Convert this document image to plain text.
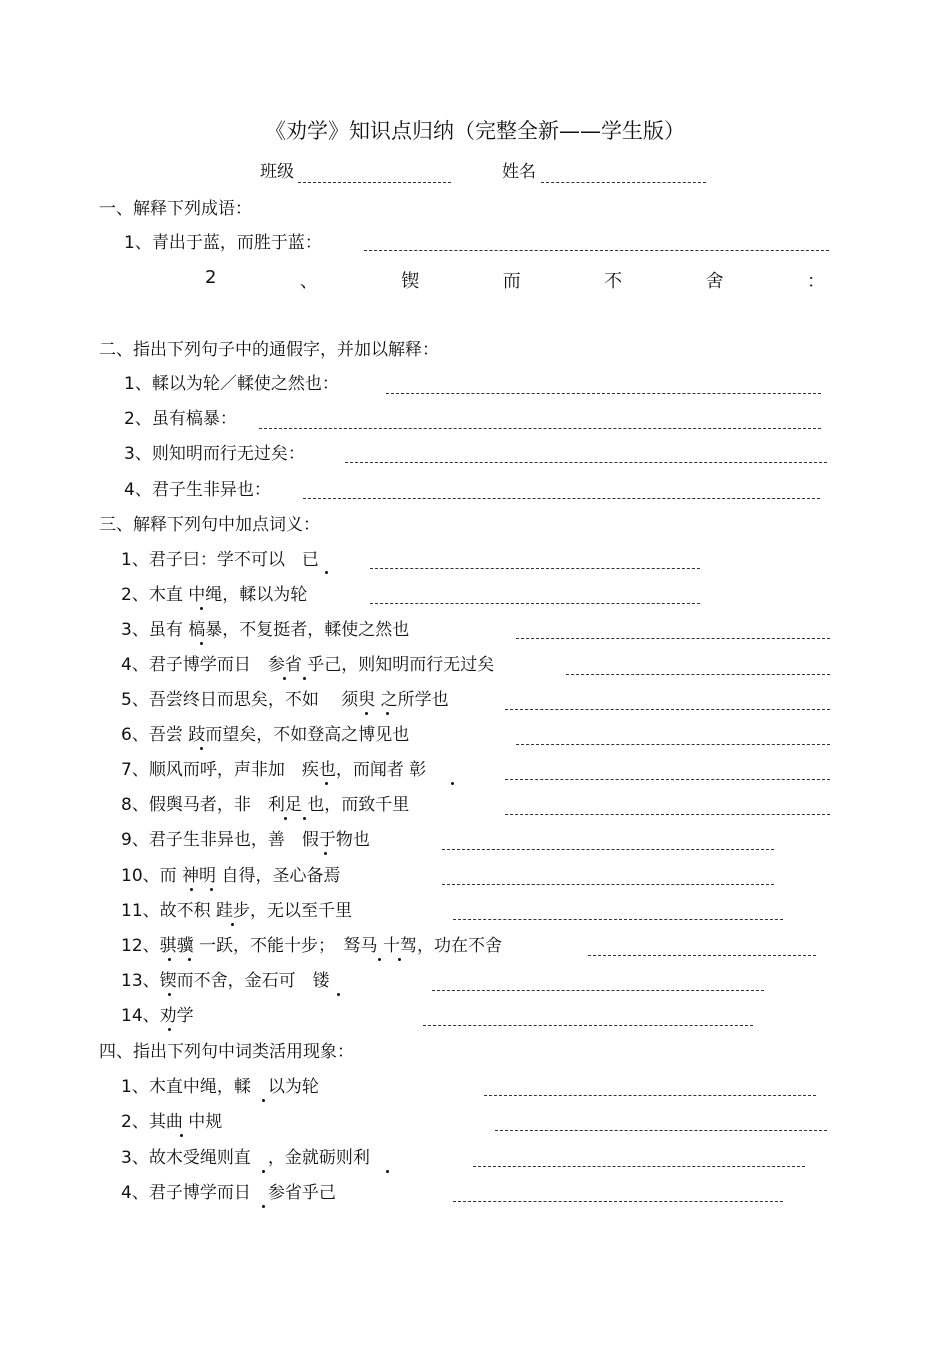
《劝学》知识点归纳（完整全新——学生版）
班级	姓名
一、解释下列成语：
1、青出于蓝，而胜于蓝：
2	、	锲	而	不	舍	：
二、指出下列句子中的通假字，并加以解释：
1、輮以为轮／輮使之然也：
2、虽有槁暴：
3、则知明而行无过矣：
4、君子生非异也：
三、解释下列句中加点词义：
1、君子曰：学不可以　已
2、木直 中绳，輮以为轮
3、虽有 槁暴，不复挺者，輮使之然也
4、君子博学而日　参省 乎己，则知明而行无过矣
5、吾尝终日而思矣，不如　 须臾 之所学也
6、吾尝 跂而望矣，不如登高之博见也
7、顺风而呼，声非加　疾也，而闻者 彰
8、假舆马者，非　利足 也，而致千里
9、君子生非异也，善　假于物也
10、而 神明 自得，圣心备焉
11、故不积 跬步，无以至千里
12、骐骥 一跃，不能十步；　驽马 十驾，功在不舍
13、锲而不舍，金石可　镂
14、劝学
四、指出下列句中词类活用现象：
1、木直中绳，輮　以为轮
2、其曲 中规
3、故木受绳则直　，金就砺则利
4、君子博学而日　参省乎己
